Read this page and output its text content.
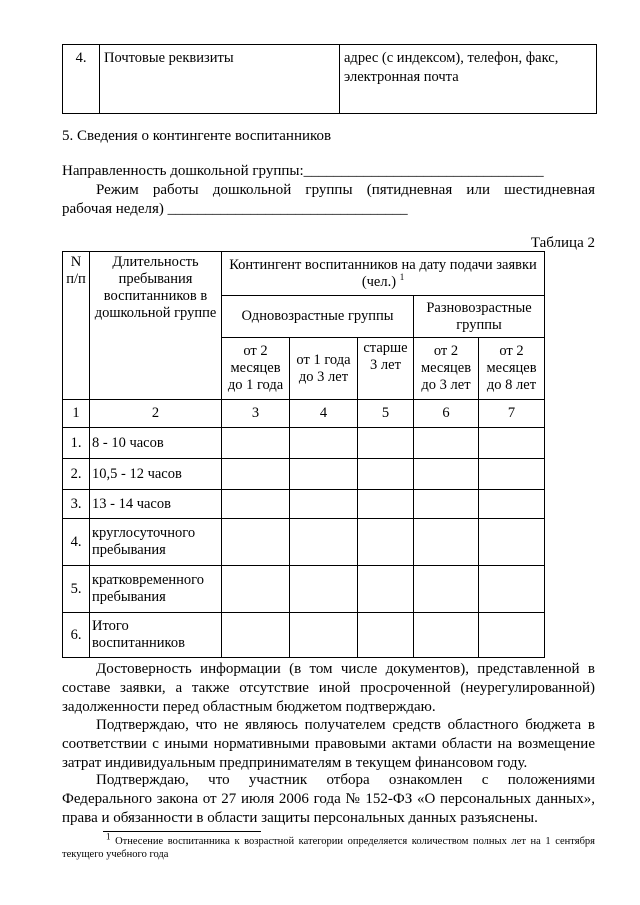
4.	Почтовые реквизиты	адрес (с индексом), телефон, факс, электронная почта
5. Сведения о контингенте воспитанников
Направленность дошкольной группы:________________________________
Режим работы дошкольной группы (пятидневная или шестидневная
рабочая неделя) ________________________________
Таблица 2
N п/п	Длительность пребывания воспитанников в дошкольной группе	Контингент воспитанников на дату подачи заявки (чел.) $^1$
		Одновозрастные группы			Разновозрастные группы	
		от 2 месяцев до 1 года	от 1 года до 3 лет	старше 3 лет	от 2 месяцев до 3 лет	от 2 месяцев до 8 лет
1	2	3	4	5	6	7
1.	8 - 10 часов					
2.	10,5 - 12 часов					
3.	13 - 14 часов					
4.	круглосуточного пребывания					
5.	кратковременного пребывания					
6.	Итого воспитанников					
Достоверность информации (в том числе документов), представленной в составе заявки, а также отсутствие иной просроченной (неурегулированной) задолженности перед областным бюджетом подтверждаю.
Подтверждаю, что не являюсь получателем средств областного бюджета в соответствии с иными нормативными правовыми актами области на возмещение затрат индивидуальным предпринимателям в текущем финансовом году.
Подтверждаю, что участник отбора ознакомлен с положениями Федерального закона от 27 июля 2006 года № 152-ФЗ «О персональных данных», права и обязанности в области защиты персональных данных разъяснены.
$^1$ Отнесение воспитанника к возрастной категории определяется количеством полных лет на 1 сентября текущего учебного года
